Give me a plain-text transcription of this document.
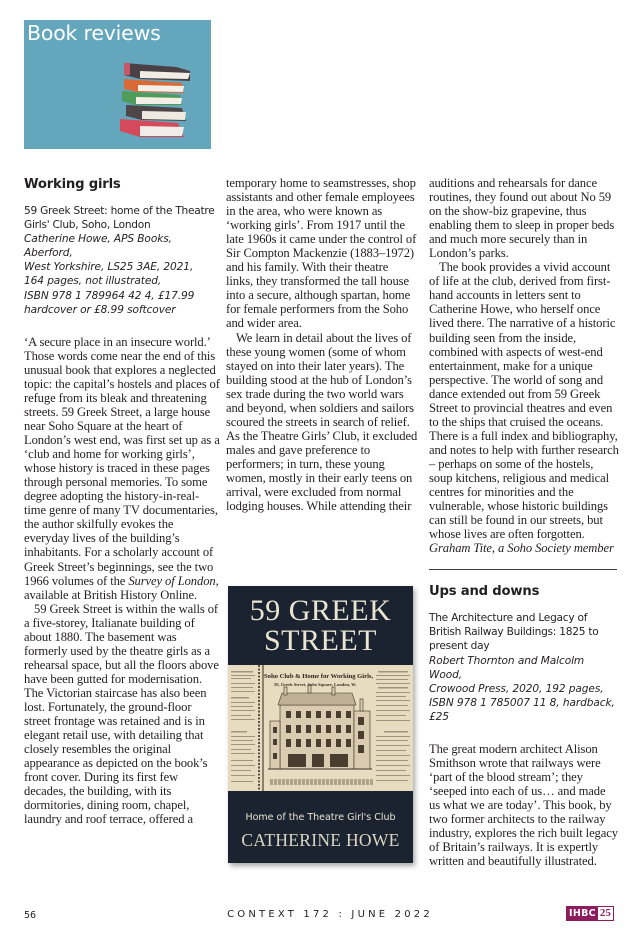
Book reviews
Working girls
59 Greek Street: home of the Theatre Girls' Club, Soho, London
Catherine Howe, APS Books, Aberford,
West Yorkshire, LS25 3AE, 2021,
164 pages, not illustrated,
ISBN 978 1 789964 42 4, £17.99
hardcover or £8.99 softcover

‘A secure place in an insecure world.’ Those words come near the end of this unusual book that explores a neglected topic: the capital’s hostels and places of refuge from its bleak and threatening streets. 59 Greek Street, a large house near Soho Square at the heart of London’s west end, was first set up as a ‘club and home for working girls’, whose history is traced in these pages through personal memories. To some degree adopting the history-in-real-time genre of many TV documentaries, the author skilfully evokes the everyday lives of the building’s inhabitants. For a scholarly account of Greek Street’s beginnings, see the two 1966 volumes of the Survey of London, available at British History Online.

59 Greek Street is within the walls of a five-storey, Italianate building of about 1880. The basement was formerly used by the theatre girls as a rehearsal space, but all the floors above have been gutted for modernisation. The Victorian staircase has also been lost. Fortunately, the ground-floor street frontage was retained and is in elegant retail use, with detailing that closely resembles the original appearance as depicted on the book’s front cover. During its first few decades, the building, with its dormitories, dining room, chapel, laundry and roof terrace, offered a

temporary home to seamstresses, shop assistants and other female employees in the area, who were known as ‘working girls’. From 1917 until the late 1960s it came under the control of Sir Compton Mackenzie (1883–1972) and his family. With their theatre links, they transformed the tall house into a secure, although spartan, home for female performers from the Soho and wider area.

We learn in detail about the lives of these young women (some of whom stayed on into their later years). The building stood at the hub of London’s sex trade during the two world wars and beyond, when soldiers and sailors scoured the streets in search of relief. As the Theatre Girls’ Club, it excluded males and gave preference to performers; in turn, these young women, mostly in their early teens on arrival, were excluded from normal lodging houses. While attending their

59 GREEK
STREET
Soho Club & Home for Working Girls,
59, Greek Street, Soho Square, London, W.
Home of the Theatre Girl's Club
CATHERINE HOWE

auditions and rehearsals for dance routines, they found out about No 59 on the show-biz grapevine, thus enabling them to sleep in proper beds and much more securely than in London’s parks.

The book provides a vivid account of life at the club, derived from first-hand accounts in letters sent to Catherine Howe, who herself once lived there. The narrative of a historic building seen from the inside, combined with aspects of west-end entertainment, make for a unique perspective. The world of song and dance extended out from 59 Greek Street to provincial theatres and even to the ships that cruised the oceans. There is a full index and bibliography, and notes to help with further research – perhaps on some of the hostels, soup kitchens, religious and medical centres for minorities and the vulnerable, whose historic buildings can still be found in our streets, but whose lives are often forgotten.

Graham Tite, a Soho Society member

Ups and downs
The Architecture and Legacy of British Railway Buildings: 1825 to present day
Robert Thornton and Malcolm Wood,
Crowood Press, 2020, 192 pages,
ISBN 978 1 785007 11 8, hardback, £25

The great modern architect Alison Smithson wrote that railways were ‘part of the blood stream’; they ‘seeped into each of us… and made us what we are today’. This book, by two former architects to the railway industry, explores the rich built legacy of Britain’s railways. It is expertly written and beautifully illustrated.

56	CONTEXT 172 : JUNE 2022	IHBC 25
